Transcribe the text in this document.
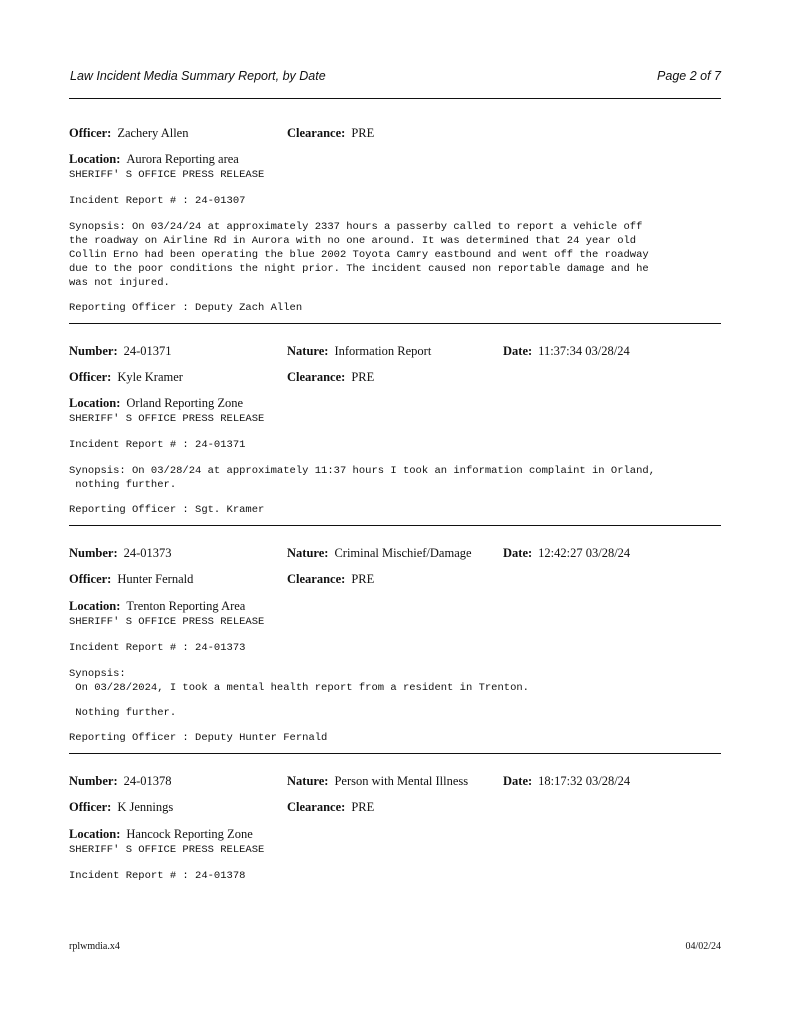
Law Incident Media Summary Report, by Date	Page 2 of 7
Officer: Zachery Allen	Clearance: PRE
Location: Aurora Reporting area
SHERIFF' S OFFICE PRESS RELEASE
Incident Report # : 24-01307
Synopsis: On 03/24/24 at approximately 2337 hours a passerby called to report a vehicle off
the roadway on Airline Rd in Aurora with no one around. It was determined that 24 year old
Collin Erno had been operating the blue 2002 Toyota Camry eastbound and went off the roadway
due to the poor conditions the night prior. The incident caused non reportable damage and he
was not injured.
Reporting Officer : Deputy Zach Allen
Number: 24-01371	Nature: Information Report	Date: 11:37:34 03/28/24
Officer: Kyle Kramer	Clearance: PRE
Location: Orland Reporting Zone
SHERIFF' S OFFICE PRESS RELEASE
Incident Report # : 24-01371
Synopsis: On 03/28/24 at approximately 11:37 hours I took an information complaint in Orland,
nothing further.
Reporting Officer : Sgt. Kramer
Number: 24-01373	Nature: Criminal Mischief/Damage	Date: 12:42:27 03/28/24
Officer: Hunter Fernald	Clearance: PRE
Location: Trenton Reporting Area
SHERIFF' S OFFICE PRESS RELEASE
Incident Report # : 24-01373
Synopsis:
On 03/28/2024, I took a mental health report from a resident in Trenton.
Nothing further.
Reporting Officer : Deputy Hunter Fernald
Number: 24-01378	Nature: Person with Mental Illness	Date: 18:17:32 03/28/24
Officer: K Jennings	Clearance: PRE
Location: Hancock Reporting Zone
SHERIFF' S OFFICE PRESS RELEASE
Incident Report # : 24-01378
rplwmdia.x4	04/02/24
